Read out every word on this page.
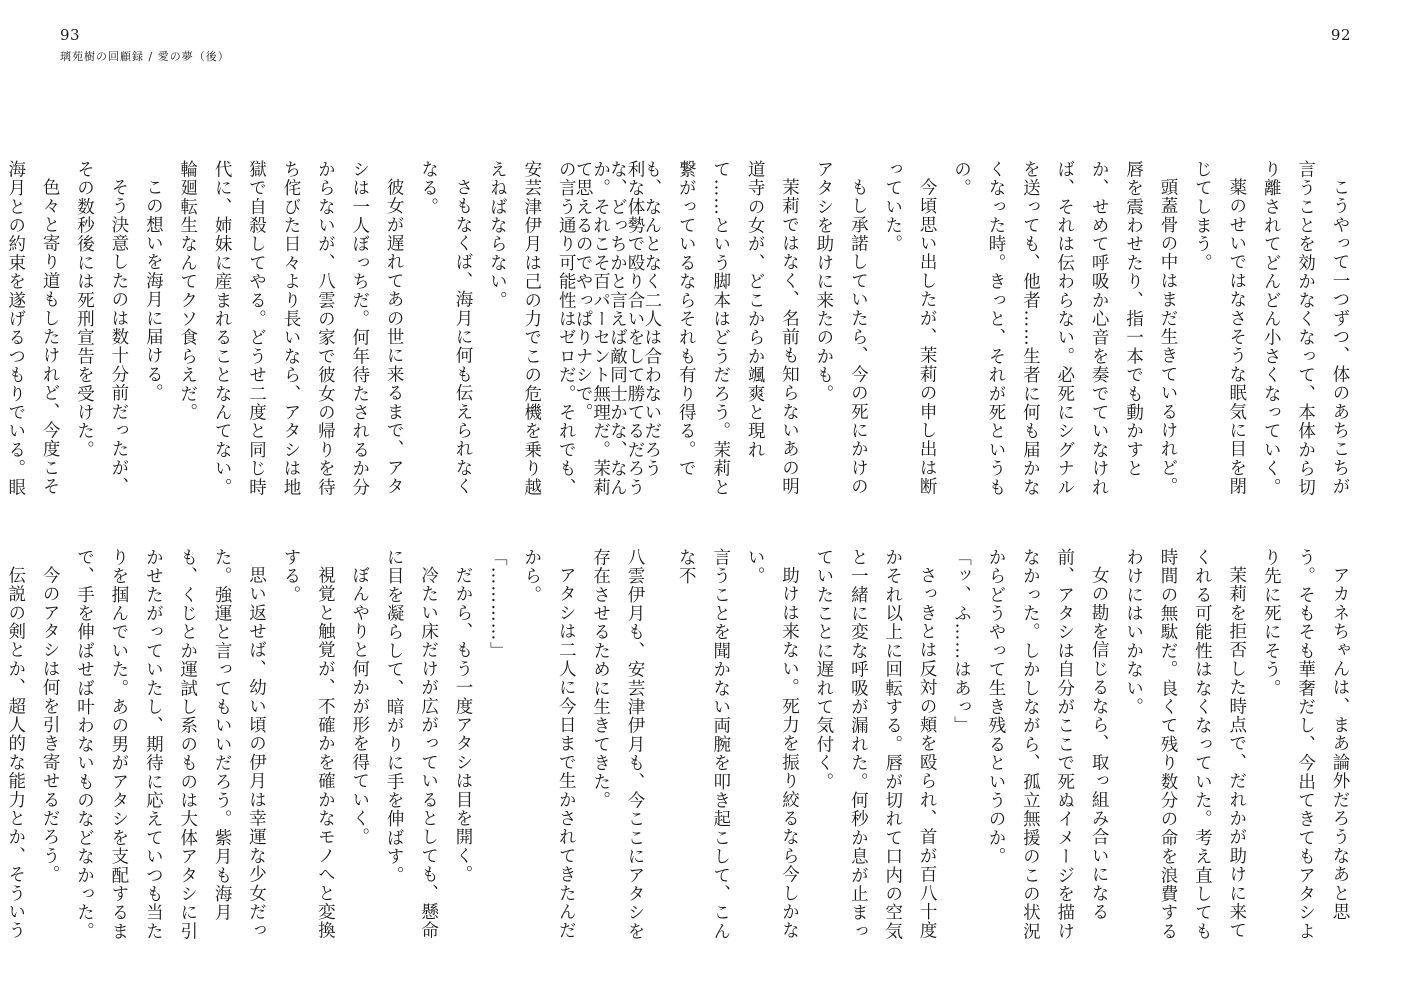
93
璃苑樹の回顧録 / 愛の夢（後）

利な体勢で殴り合いをして勝てるだろうか。それこそ百パーセント無理だ。茉莉の言う通り可能性はゼロだ。それでも、安芸津伊月は己の力でこの危機を乗り越えねばならない。

さもなくば、海月に何も伝えられなくなる。

彼女が遅れてあの世に来るまで、アタシは一人ぼっちだ。何年待たされるか分からないが、八雲の家で彼女の帰りを待ち侘びた日々より長いなら、アタシは地獄で自殺してやる。どうせ二度と同じ時代に、姉妹に産まれることなんてない。輪廻転生なんてクソ食らえだ。

この想いを海月に届ける。

そう決意したのは数十分前だったが、その数秒後には死刑宣告を受けた。

色々と寄り道もしたけれど、今度こそ海月との約束を遂げるつもりでいる。眼

八雲伊月も、安芸津伊月も、今ここにアタシを存在させるために生きてきた。

アタシは二人に今日まで生かされてきたんだから。

「…………」

だから、もう一度アタシは目を開く。

冷たい床だけが広がっているとしても、懸命に目を凝らして、暗がりに手を伸ばす。

ぼんやりと何かが形を得ていく。

視覚と触覚が、不確かを確かなモノへと変換する。

思い返せば、幼い頃の伊月は幸運な少女だった。強運と言ってもいいだろう。紫月も海月も、くじとか運試し系のものは大体アタシに引かせたがっていたし、期待に応えていつも当たりを掴んでいた。あの男がアタシを支配するまで、手を伸ばせば叶わないものなどなかった。

今のアタシは何を引き寄せるだろう。

伝説の剣とか、超人的な能力とか、そういう

92

こうやって一つずつ、体のあちこちが言うことを効かなくなって、本体から切り離されてどんどん小さくなっていく。

薬のせいではなさそうな眠気に目を閉じてしまう。

頭蓋骨の中はまだ生きているけれど。唇を震わせたり、指一本でも動かすとか、せめて呼吸か心音を奏でていなければ、それは伝わらない。必死にシグナルを送っても、他者……生者に何も届かなくなった時。きっと、それが死というもの。

今頃思い出したが、茉莉の申し出は断っていた。

もし承諾していたら、今の死にかけのアタシを助けに来たのかも。

茉莉ではなく、名前も知らないあの明道寺の女が、どこからか颯爽と現れて……という脚本はどうだろう。茉莉と繋がっているならそれも有り得る。でも、なんとなく二人は合わないだろうな、どっちかと言えば敵同士かな、なんて思えるのでやっぱりナシで。

アカネちゃんは、まあ論外だろうなあと思う。そもそも華奢だし、今出てきてもアタシより先に死にそう。

茉莉を拒否した時点で、だれかが助けに来てくれる可能性はなくなっていた。考え直しても時間の無駄だ。良くて残り数分の命を浪費するわけにはいかない。

女の勘を信じるなら、取っ組み合いになる前、アタシは自分がここで死ぬイメージを描けなかった。しかしながら、孤立無援のこの状況からどうやって生き残るというのか。

「ッ、ふ……はあっ」

さっきとは反対の頬を殴られ、首が百八十度かそれ以上に回転する。唇が切れて口内の空気と一緒に変な呼吸が漏れた。何秒か息が止まっていたことに遅れて気付く。

助けは来ない。死力を振り絞るなら今しかない。

言うことを聞かない両腕を叩き起こして、こんな不
